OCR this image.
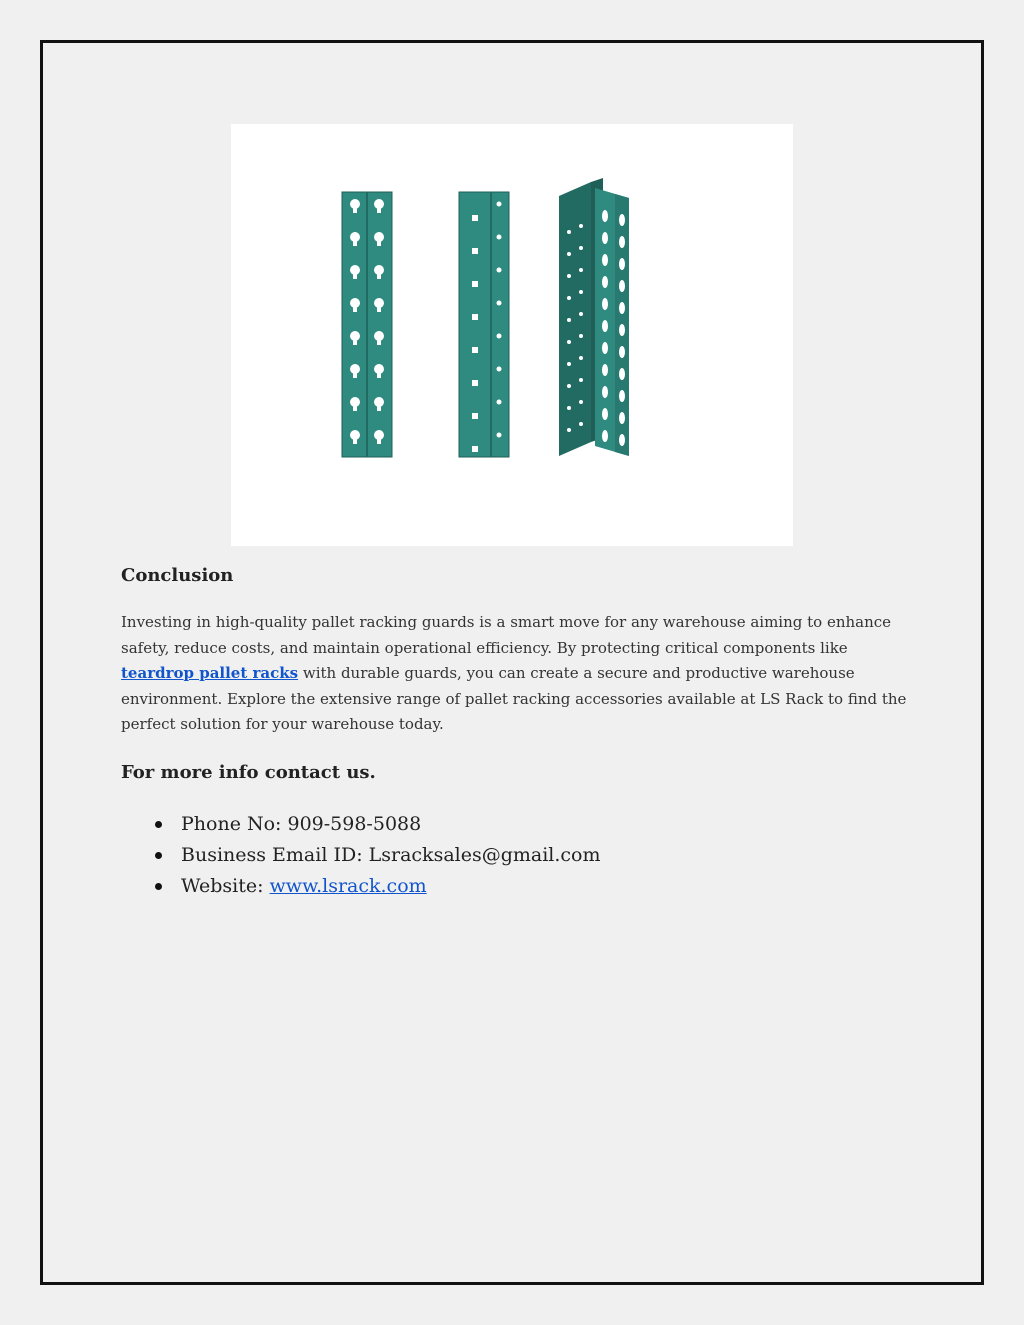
Conclusion

Investing in high-quality pallet racking guards is a smart move for any warehouse aiming to enhance safety, reduce costs, and maintain operational efficiency. By protecting critical components like teardrop pallet racks with durable guards, you can create a secure and productive warehouse environment. Explore the extensive range of pallet racking accessories available at LS Rack to find the perfect solution for your warehouse today.

For more info contact us.
Phone No: 909-598-5088
Business Email ID: Lsracksales@gmail.com
Website: www.lsrack.com
